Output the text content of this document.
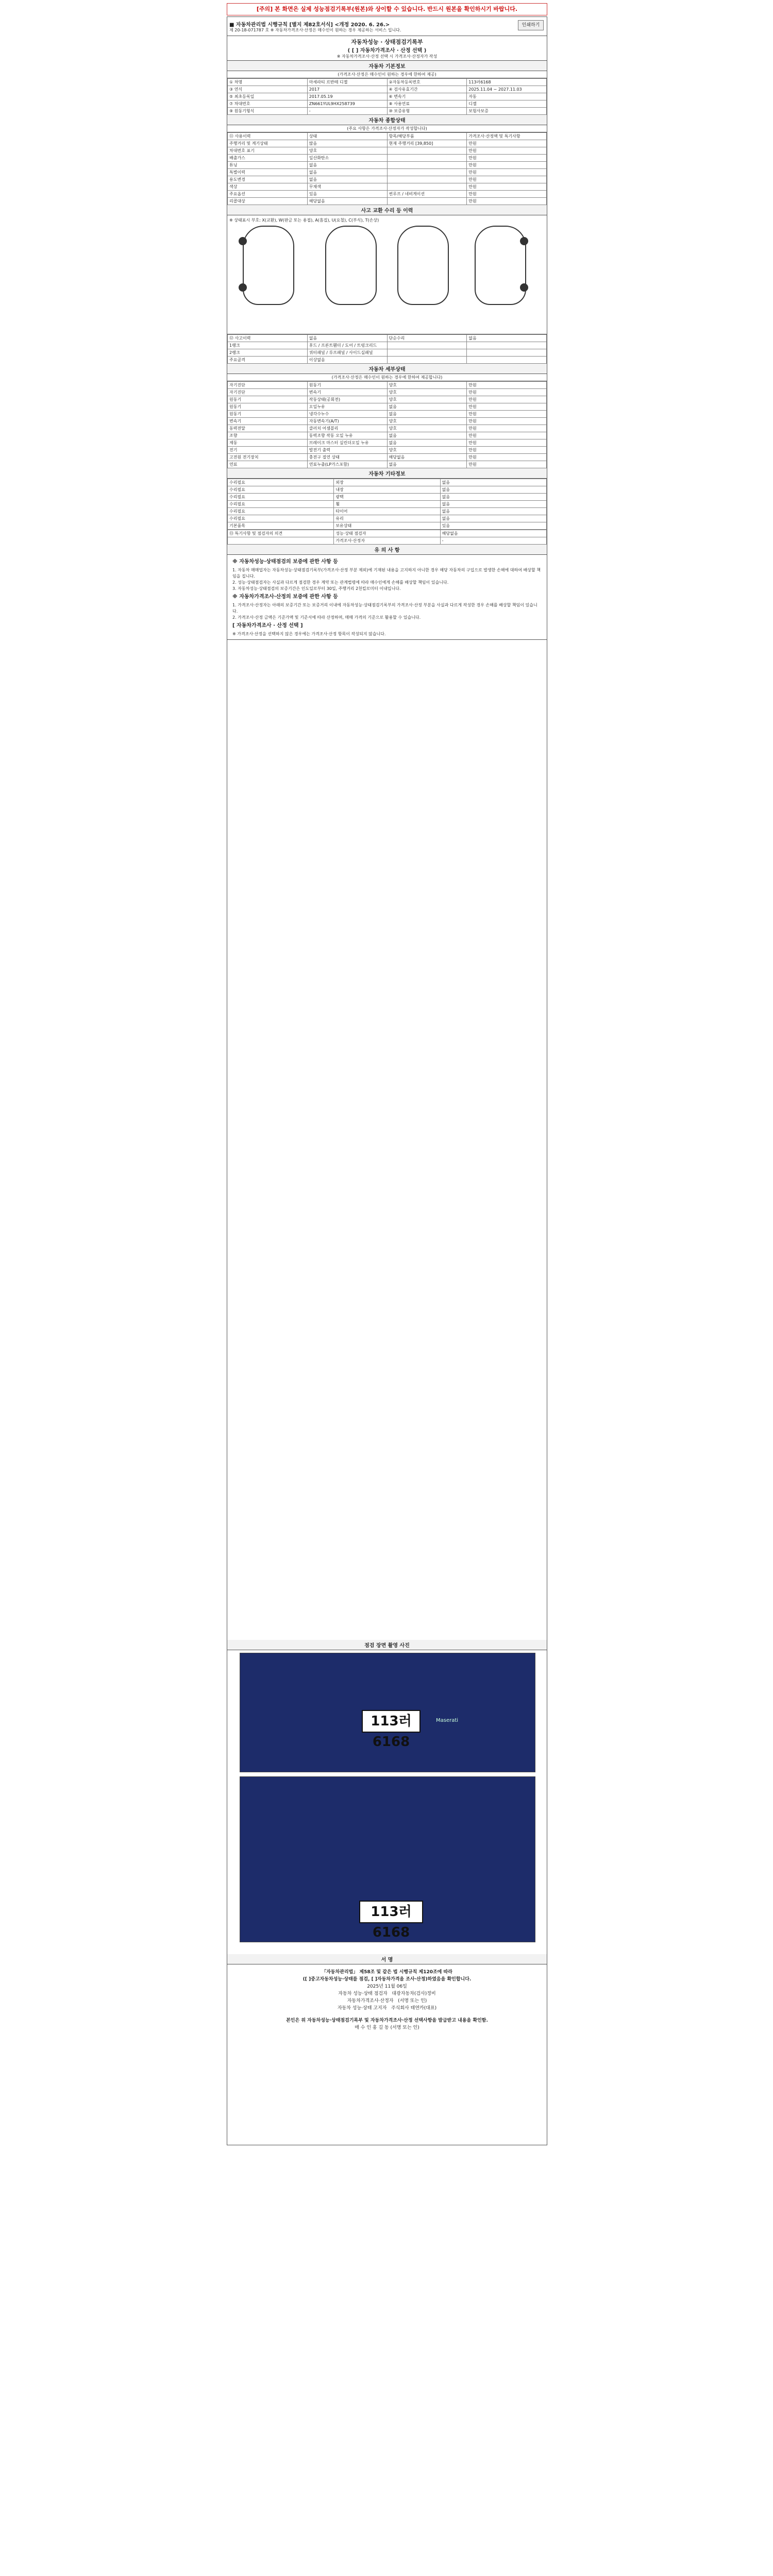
[주의] 본 화면은 실제 성능점검기록부(원본)와 상이할 수 있습니다. 반드시 원본을 확인하시기 바랍니다.
■ 자동차관리법 시행규칙 [별지 제82호서식] <개정 2020. 6. 26.>
제 20-18-071787 호 ※ 자동차가격조사·산정은 매수인이 원하는 경우 제공하는 서비스 입니다.
인쇄하기
자동차성능 · 상태점검기록부
( [ ] 자동차가격조사 · 산정 선택 )
※ 자동차가격조사·산정 선택 시 가격조사·산정자가 작성
자동차 기본정보
(가격조사·산정은 매수인이 원하는 경우에 한하여 제공)
① 차명	마세라티 르반떼 디젤	②자동차등록번호	113러6168
③ 연식	2017	④ 검사유효기간	2025.11.04 ~ 2027.11.03
⑤ 최초등록일	2017.05.19	⑥ 변속기	자동
⑦ 차대번호	ZN661YUL9HX258739	⑧ 사용연료	디젤
⑨ 원동기형식	-	⑩ 보증유형	보험사보증
자동차 종합상태
(주요 사항은 가격조사·산정자가 작성합니다)
⑪ 사용이력	상태	항목/해당부품	가격조사·산정액 및 특기사항
주행거리 및 계기상태	많음	현재 주행거리 [39,850]	만원
차대번호 표기	양호		만원
배출가스	일산화탄소		만원
튜닝	없음		만원
특별이력	없음		만원
용도변경	없음		만원
색상	무채색		만원
주요옵션	있음	썬루프 / 네비게이션	만원
리콜대상	해당없음		만원
사고 교환 수리 등 이력
※ 상태표시 부호: X(교환), W(판금 또는 용접), A(흠집), U(요철), C(부식), T(손상)
⑫ 사고이력	없음	단순수리	없음
1랭크	후드 / 프론트휀더 / 도어 / 트렁크리드		
2랭크	쿼터패널 / 루프패널 / 사이드실패널		
주요골격	이상없음		
자동차 세부상태
(가격조사·산정은 매수인이 원하는 경우에 한하여 제공합니다)
자기진단	원동기	양호	만원
자기진단	변속기	양호	만원
원동기	작동상태(공회전)	양호	만원
원동기	오일누유	없음	만원
원동기	냉각수누수	없음	만원
변속기	자동변속기(A/T)	양호	만원
동력전달	클러치 어셈블리	양호	만원
조향	동력조향 작동 오일 누유	없음	만원
제동	브레이크 마스터 실린더오일 누유	없음	만원
전기	발전기 출력	양호	만원
고전원 전기장치	충전구 절연 상태	해당없음	만원
연료	연료누출(LP가스포함)	없음	만원
자동차 기타정보
수리필요	외장	없음
수리필요	내장	없음
수리필요	광택	없음
수리필요	휠	없음
수리필요	타이어	없음
수리필요	유리	없음
기본품목	보유상태	있음
⑬ 특기사항 및 점검자의 의견	성능·상태 점검자	해당없음
	가격조사·산정자	-
유 의 사 항
※ 자동차성능·상태점검의 보증에 관한 사항 등
1. 자동차 매매업자는 자동차성능·상태점검기록부(가격조사·산정 부분 제외)에 기재된 내용을 고지하지 아니한 경우 해당 자동차의 구입으로 발생한 손해에 대하여 배상할 책임을 집니다.
2. 성능·상태점검자는 사실과 다르게 점검한 경우 계약 또는 관계법령에 따라 매수인에게 손해를 배상할 책임이 있습니다.
3. 자동차성능·상태점검의 보증기간은 인도일로부터 30일, 주행거리 2천킬로미터 이내입니다.
※ 자동차가격조사·산정의 보증에 관한 사항 등
1. 가격조사·산정자는 아래의 보증기간 또는 보증거리 이내에 자동차성능·상태점검기록부의 가격조사·산정 부분을 사실과 다르게 작성한 경우 손해를 배상할 책임이 있습니다.
2. 가격조사·산정 금액은 기준가액 및 기준서에 따라 산정하며, 매매 가격의 기준으로 활용할 수 있습니다.
[ 자동차가격조사 · 산정 선택 ]
※ 가격조사·산정을 선택하지 않은 경우에는 가격조사·산정 항목이 작성되지 않습니다.
점검 장면 촬영 사진
113러 6168
Maserati
113러 6168
서 명
「자동차관리법」 제58조 및 같은 법 시행규칙 제120조에 따라
([ ]중고자동차성능·상태를 점검, [ ]자동차가격을 조사·산정)하였음을 확인합니다.
2025년 11월 06일
자동차 성능·상태 점검자 대광자동차(검사)정비
자동차가격조사·산정자 (서명 또는 인)
자동차 성능·상태 고지자 주식회사 태연카(대표)
본인은 위 자동차성능·상태점검기록부 및 자동차가격조사·산정 선택사항을 발급받고 내용을 확인함.
매 수 인 홍 길 동 (서명 또는 인)
